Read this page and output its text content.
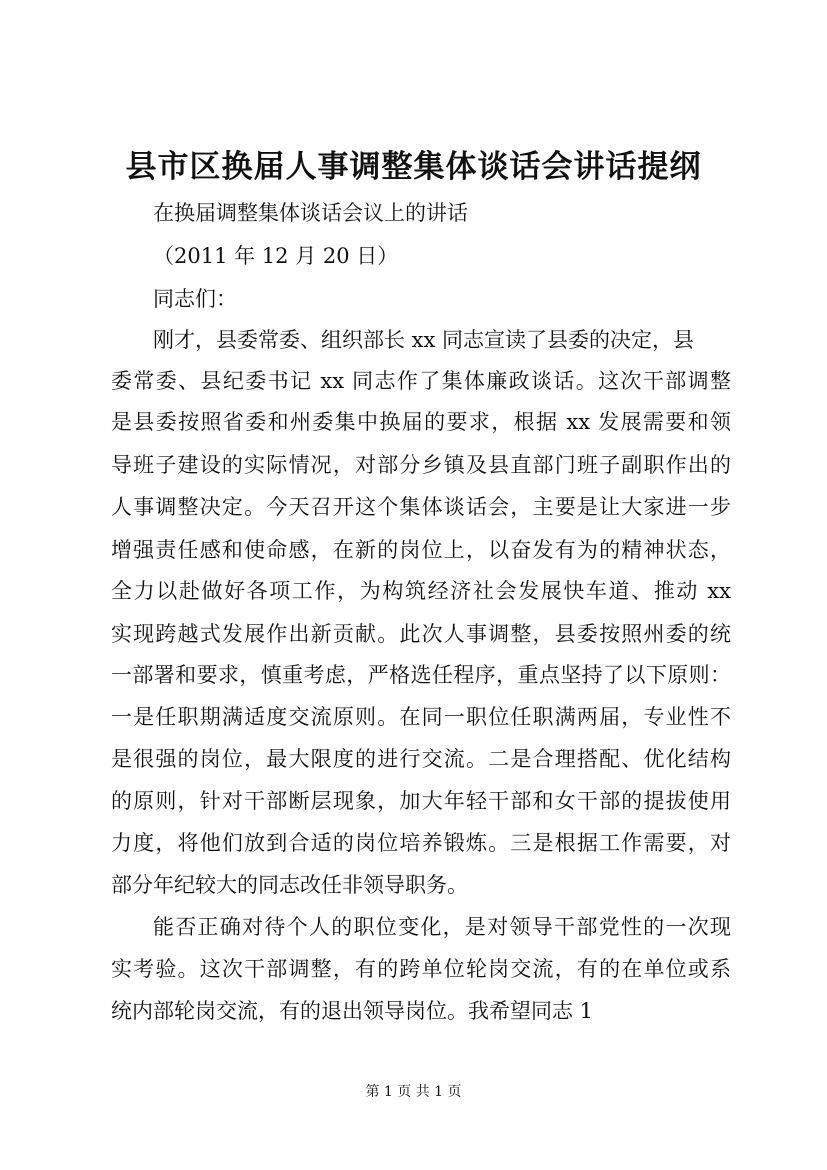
县市区换届人事调整集体谈话会讲话提纲
在换届调整集体谈话会议上的讲话
（2011 年 12 月 20 日）
同志们：
刚才，县委常委、组织部长 xx 同志宣读了县委的决定，县
委常委、县纪委书记 xx 同志作了集体廉政谈话。这次干部调整
是县委按照省委和州委集中换届的要求，根据 xx 发展需要和领
导班子建设的实际情况，对部分乡镇及县直部门班子副职作出的
人事调整决定。今天召开这个集体谈话会，主要是让大家进一步
增强责任感和使命感，在新的岗位上，以奋发有为的精神状态，
全力以赴做好各项工作，为构筑经济社会发展快车道、推动 xx
实现跨越式发展作出新贡献。此次人事调整，县委按照州委的统
一部署和要求，慎重考虑，严格选任程序，重点坚持了以下原则：
一是任职期满适度交流原则。在同一职位任职满两届，专业性不
是很强的岗位，最大限度的进行交流。二是合理搭配、优化结构
的原则，针对干部断层现象，加大年轻干部和女干部的提拔使用
力度，将他们放到合适的岗位培养锻炼。三是根据工作需要，对
部分年纪较大的同志改任非领导职务。
能否正确对待个人的职位变化，是对领导干部党性的一次现
实考验。这次干部调整，有的跨单位轮岗交流，有的在单位或系
统内部轮岗交流，有的退出领导岗位。我希望同志 1
第 1 页 共 1 页
